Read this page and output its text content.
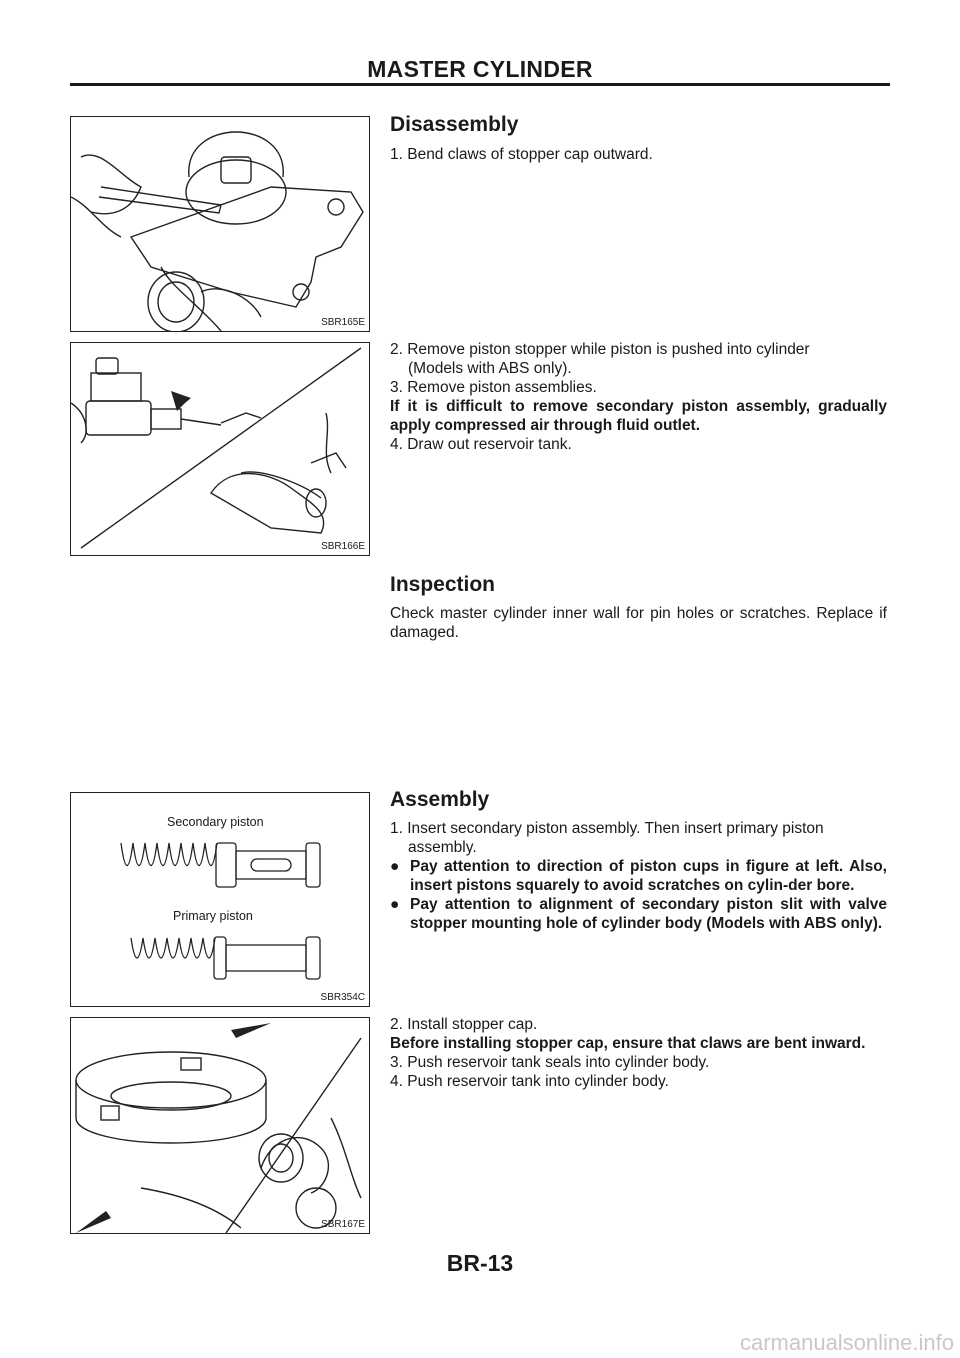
MASTER CYLINDER
SBR165E
SBR166E
Secondary piston
Primary piston
SBR354C
SBR167E
Disassembly

1. Bend claws of stopper cap outward.

2. Remove piston stopper while piston is pushed into cylinder

(Models with ABS only).

3. Remove piston assemblies.

If it is difficult to remove secondary piston assembly, gradually apply compressed air through fluid outlet.

4. Draw out reservoir tank.

Inspection

Check master cylinder inner wall for pin holes or scratches. Replace if damaged.

Assembly

1. Insert secondary piston assembly. Then insert primary piston

assembly.

● Pay attention to direction of piston cups in figure at left. Also, insert pistons squarely to avoid scratches on cylin-der bore.

● Pay attention to alignment of secondary piston slit with valve stopper mounting hole of cylinder body (Models with ABS only).

2. Install stopper cap.

Before installing stopper cap, ensure that claws are bent inward.

3. Push reservoir tank seals into cylinder body.

4. Push reservoir tank into cylinder body.

BR-13
carmanualsonline.info
